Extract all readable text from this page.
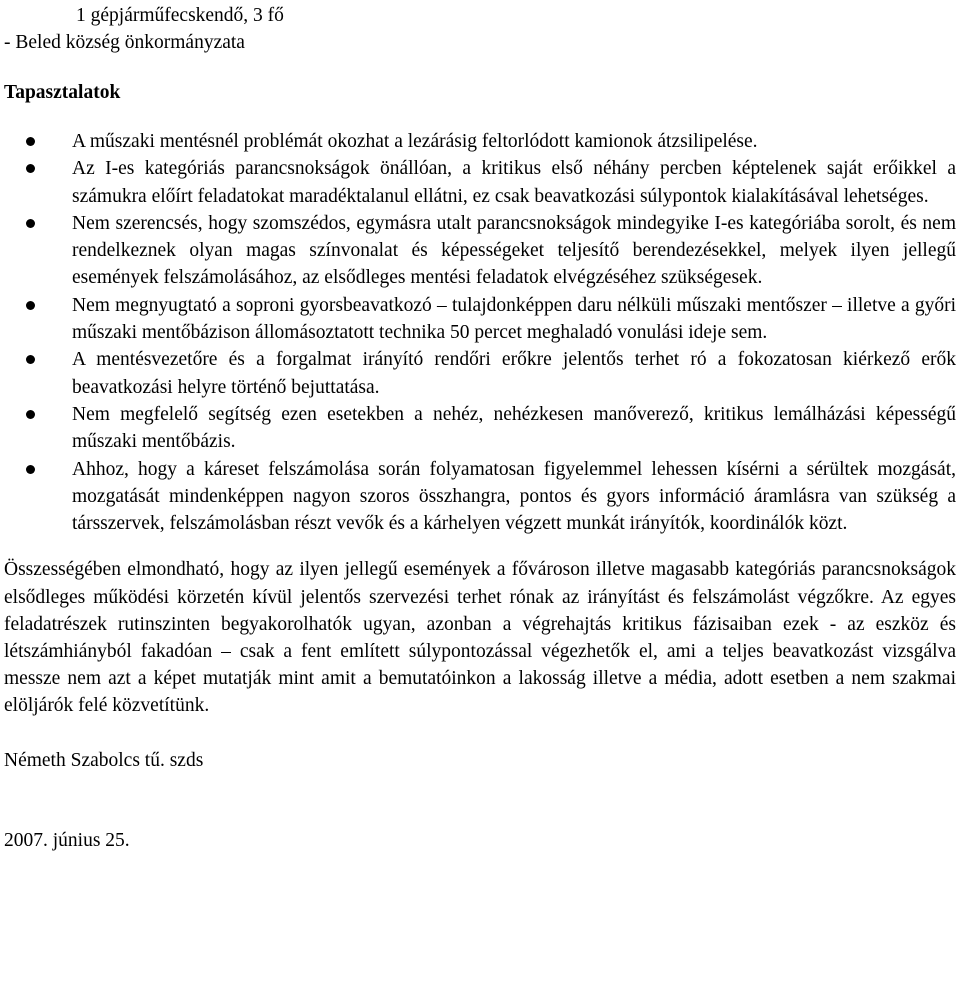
1 gépjárműfecskendő, 3 fő
- Beled község önkormányzata
Tapasztalatok
A műszaki mentésnél problémát okozhat a lezárásig feltorlódott kamionok átzsilipelése.
Az I-es kategóriás parancsnokságok önállóan, a kritikus első néhány percben képtelenek saját erőikkel a számukra előírt feladatokat maradéktalanul ellátni, ez csak beavatkozási súlypontok kialakításával lehetséges.
Nem szerencsés, hogy szomszédos, egymásra utalt parancsnokságok mindegyike I-es kategóriába sorolt, és nem rendelkeznek olyan magas színvonalat és képességeket teljesítő berendezésekkel, melyek ilyen jellegű események felszámolásához, az elsődleges mentési feladatok elvégzéséhez szükségesek.
Nem megnyugtató a soproni gyorsbeavatkozó – tulajdonképpen daru nélküli műszaki mentőszer – illetve a győri műszaki mentőbázison állomásoztatott technika 50 percet meghaladó vonulási ideje sem.
A mentésvezetőre és a forgalmat irányító rendőri erőkre jelentős terhet ró a fokozatosan kiérkező erők beavatkozási helyre történő bejuttatása.
Nem megfelelő segítség ezen esetekben a nehéz, nehézkesen manőverező, kritikus lemálházási képességű műszaki mentőbázis.
Ahhoz, hogy a káreset felszámolása során folyamatosan figyelemmel lehessen kísérni a sérültek mozgását, mozgatását mindenképpen nagyon szoros összhangra, pontos és gyors információ áramlásra van szükség a társszervek, felszámolásban részt vevők és a kárhelyen végzett munkát irányítók, koordinálók közt.

Összességében elmondható, hogy az ilyen jellegű események a fővároson illetve magasabb kategóriás parancsnokságok elsődleges működési körzetén kívül jelentős szervezési terhet rónak az irányítást és felszámolást végzőkre. Az egyes feladatrészek rutinszinten begyakorolhatók ugyan, azonban a végrehajtás kritikus fázisaiban ezek - az eszköz és létszámhiányból fakadóan – csak a fent említett súlypontozással végezhetők el, ami a teljes beavatkozást vizsgálva messze nem azt a képet mutatják mint amit a bemutatóinkon a lakosság illetve a média, adott esetben a nem szakmai elöljárók felé közvetítünk.

Németh Szabolcs tű. szds
2007. június 25.
